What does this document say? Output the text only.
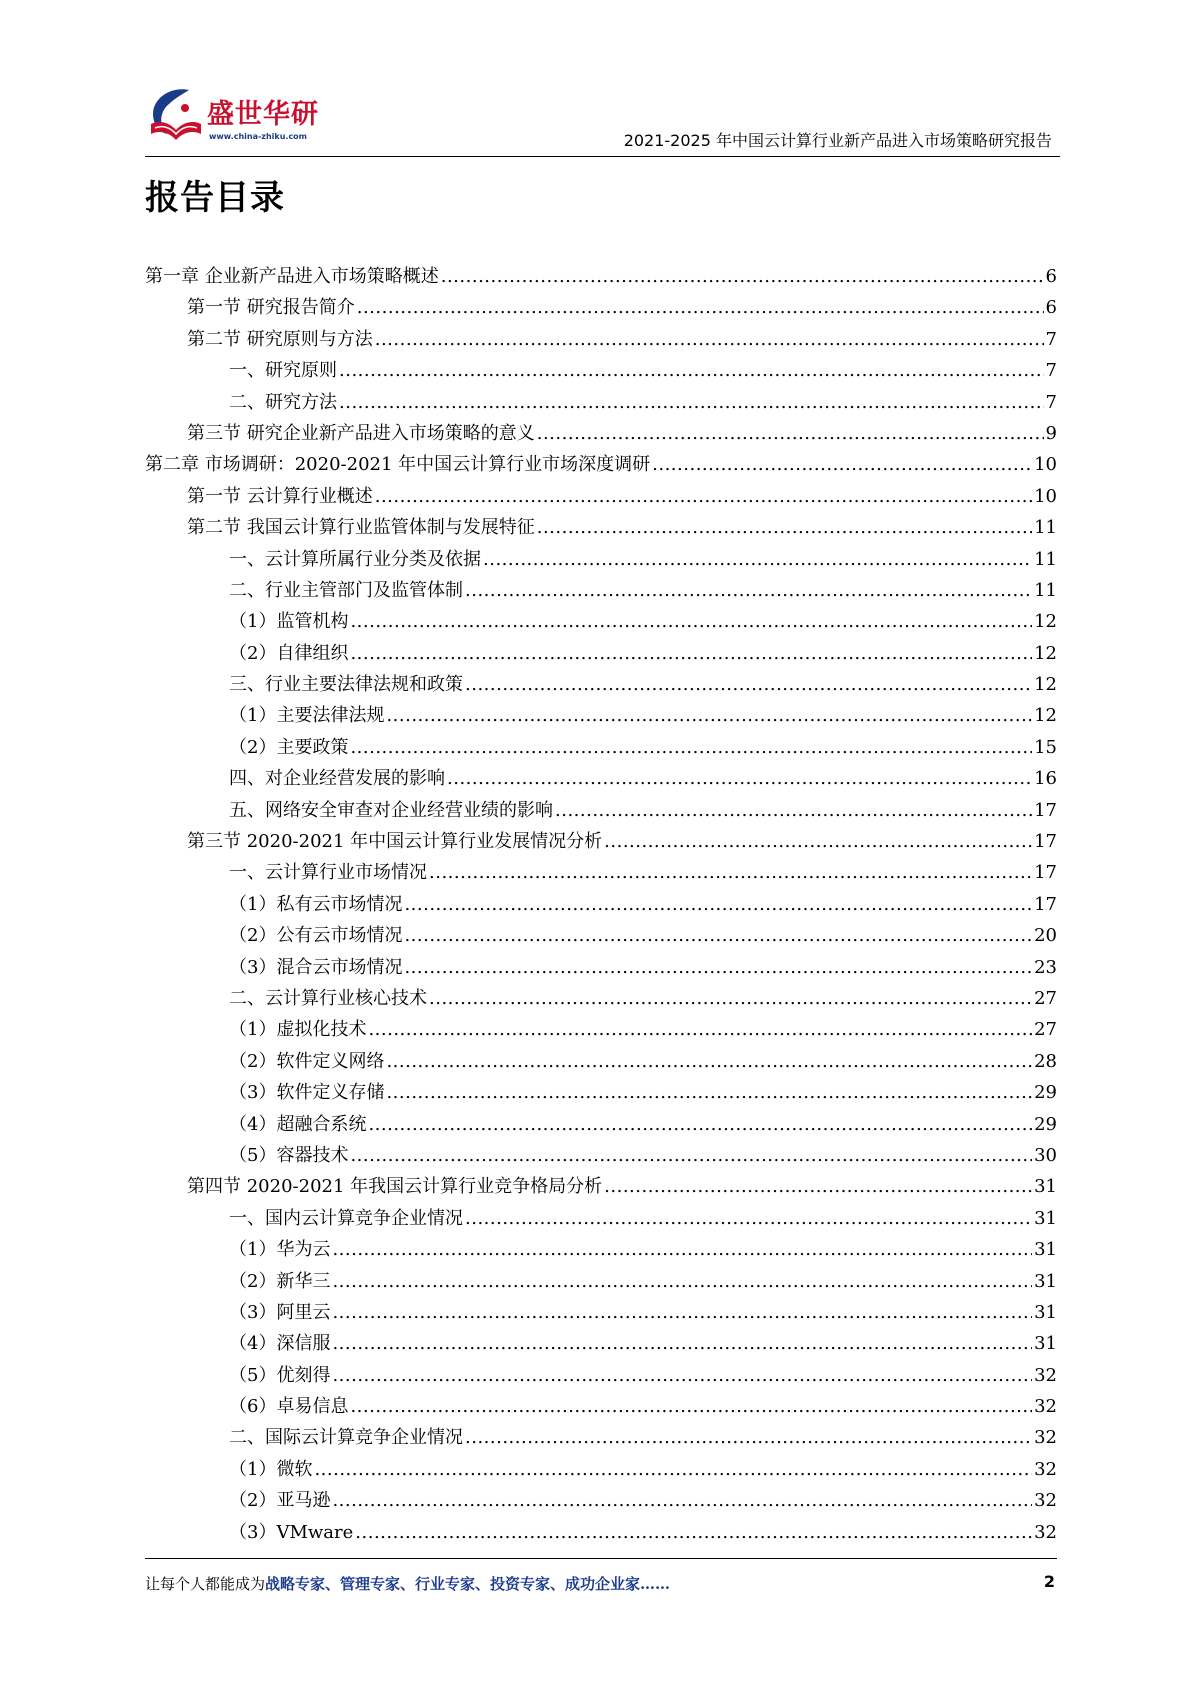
盛世华研
www.china-zhiku.com	2021-2025 年中国云计算行业新产品进入市场策略研究报告
报告目录
第一章 企业新产品进入市场策略概述 .....	6
第一节 研究报告简介 .....	6
第二节 研究原则与方法 .....	7
一、研究原则 .....	7
二、研究方法 .....	7
第三节 研究企业新产品进入市场策略的意义 .....	9
第二章 市场调研：2020-2021 年中国云计算行业市场深度调研 .....	10
第一节 云计算行业概述 .....	10
第二节 我国云计算行业监管体制与发展特征 .....	11
一、云计算所属行业分类及依据 .....	11
二、行业主管部门及监管体制 .....	11
（1）监管机构 .....	12
（2）自律组织 .....	12
三、行业主要法律法规和政策 .....	12
（1）主要法律法规 .....	12
（2）主要政策 .....	15
四、对企业经营发展的影响 .....	16
五、网络安全审查对企业经营业绩的影响 .....	17
第三节 2020-2021 年中国云计算行业发展情况分析 .....	17
一、云计算行业市场情况 .....	17
（1）私有云市场情况 .....	17
（2）公有云市场情况 .....	20
（3）混合云市场情况 .....	23
二、云计算行业核心技术 .....	27
（1）虚拟化技术 .....	27
（2）软件定义网络 .....	28
（3）软件定义存储 .....	29
（4）超融合系统 .....	29
（5）容器技术 .....	30
第四节 2020-2021 年我国云计算行业竞争格局分析 .....	31
一、国内云计算竞争企业情况 .....	31
（1）华为云 .....	31
（2）新华三 .....	31
（3）阿里云 .....	31
（4）深信服 .....	31
（5）优刻得 .....	32
（6）卓易信息 .....	32
二、国际云计算竞争企业情况 .....	32
（1）微软 .....	32
（2）亚马逊 .....	32
（3）VMware .....	32
让每个人都能成为战略专家、管理专家、行业专家、投资专家、成功企业家……	2
